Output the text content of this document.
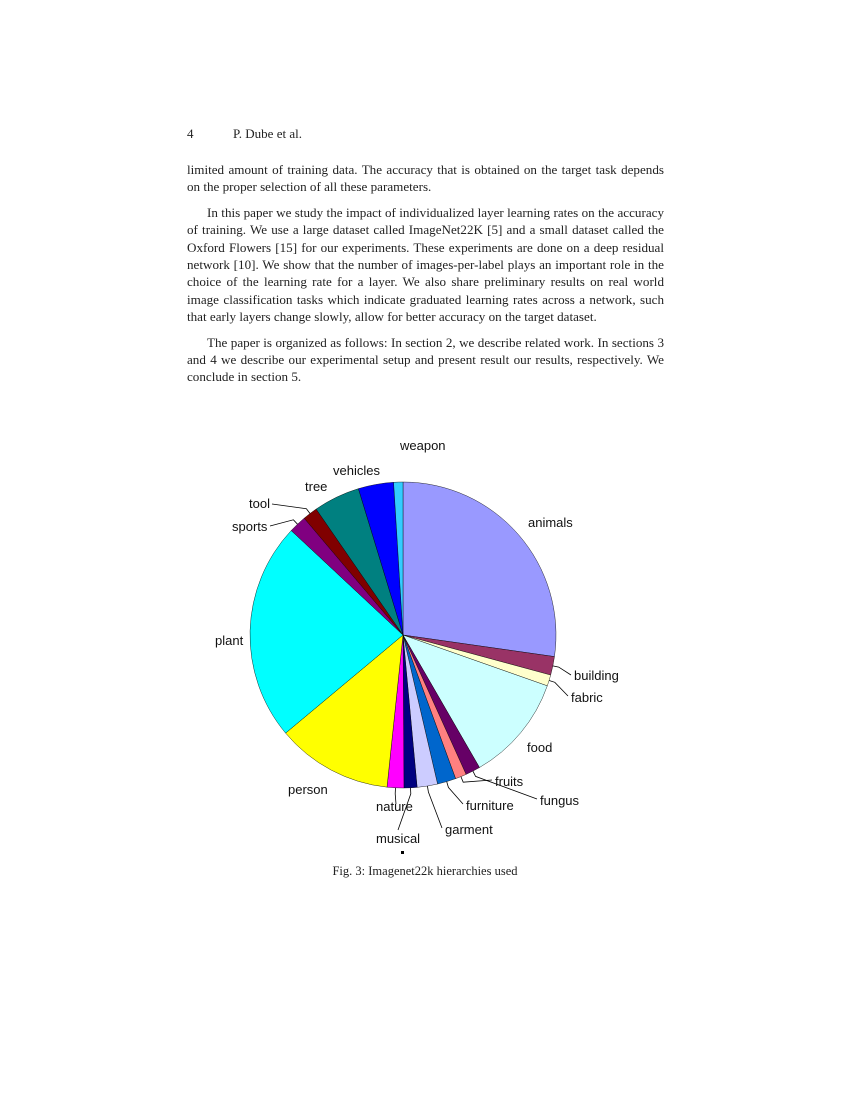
4	P. Dube et al.

limited amount of training data. The accuracy that is obtained on the target task depends on the proper selection of all these parameters.

In this paper we study the impact of individualized layer learning rates on the accuracy of training. We use a large dataset called ImageNet22K [5] and a small dataset called the Oxford Flowers [15] for our experiments. These experiments are done on a deep residual network [10]. We show that the number of images-per-label plays an important role in the choice of the learning rate for a layer. We also share preliminary results on real world image classification tasks which indicate graduated learning rates across a network, such that early layers change slowly, allow for better accuracy on the target dataset.

The paper is organized as follows: In section 2, we describe related work. In sections 3 and 4 we describe our experimental setup and present result our results, respectively. We conclude in section 5.

animals
building
fabric
food
fungus
fruits
furniture
garment
musical
nature
person
plant
sports
tool
tree
vehicles
weapon
Fig. 3: Imagenet22k hierarchies used
